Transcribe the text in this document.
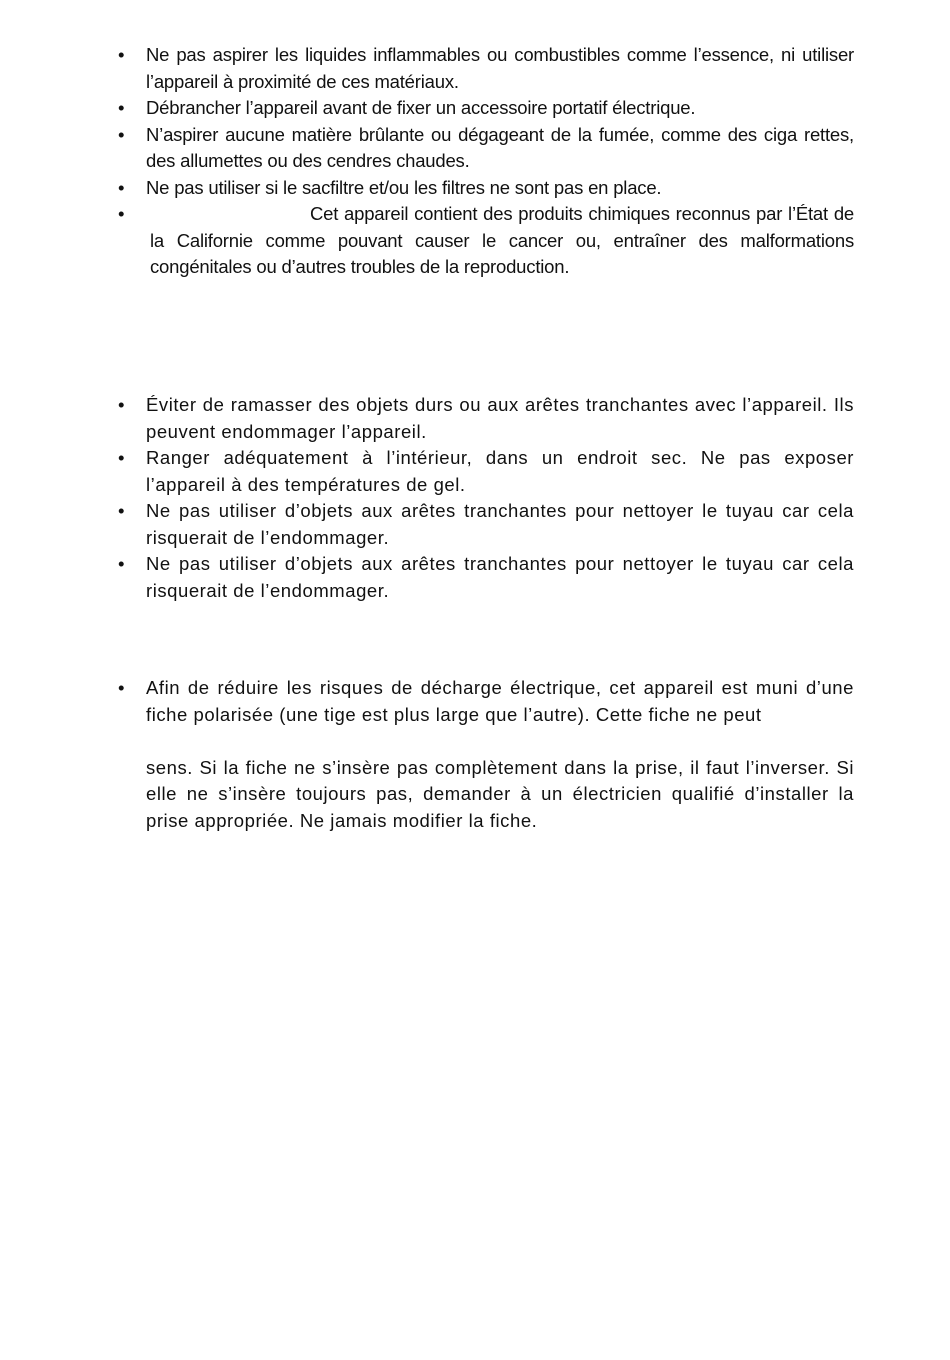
• Ne pas aspirer les liquides inflammables ou combustibles comme l’essence, ni utiliser l’appareil à proximité de ces matériaux.
• Débrancher l’appareil avant de fixer un accessoire portatif électrique.
• N’aspirer aucune matière brûlante ou dégageant de la fumée, comme des ciga rettes, des allumettes ou des cendres chaudes.
• Ne pas utiliser si le sacfiltre et/ou les filtres ne sont pas en place.
•	Cet appareil contient des produits chimiques reconnus par l’État de la Californie comme pouvant causer le cancer ou, entraîner des malformations congénitales ou d’autres troubles de la reproduction.
• Éviter de ramasser des objets durs ou aux arêtes tranchantes avec l’appareil. Ils peuvent endommager l’appareil.
• Ranger adéquatement à l’intérieur, dans un endroit sec. Ne pas exposer l’appareil à des températures de gel.
• Ne pas utiliser d’objets aux arêtes tranchantes pour nettoyer le tuyau car cela risquerait de l’endommager.
• Ne pas utiliser d’objets aux arêtes tranchantes pour nettoyer le tuyau car cela risquerait de l’endommager.
• Afin de réduire les risques de décharge électrique, cet appareil est muni d’une fiche polarisée (une tige est plus large que l’autre). Cette fiche ne peut
sens. Si la fiche ne s’insère pas complètement dans la prise, il faut l’inverser. Si elle ne s’insère toujours pas, demander à un électricien qualifié d’installer la prise appropriée. Ne jamais modifier la fiche.
